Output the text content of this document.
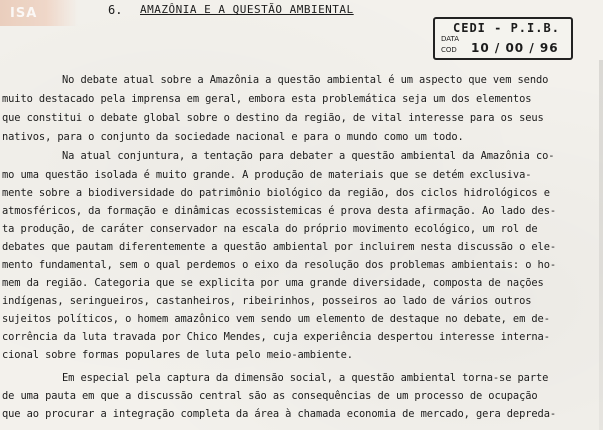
ISA	6. AMAZÔNIA E A QUESTÃO AMBIENTAL
CEDI - P.I.B.
DATA
COD 10 / 00 / 96
No debate atual sobre a Amazônia a questão ambiental é um aspecto que vem sendo
muito destacado pela imprensa em geral, embora esta problemática seja um dos elementos
que constitui o debate global sobre o destino da região, de vital interesse para os seus
nativos, para o conjunto da sociedade nacional e para o mundo como um todo.
Na atual conjuntura, a tentação para debater a questão ambiental da Amazônia co-
mo uma questão isolada é muito grande. A produção de materiais que se detém exclusiva-
mente sobre a biodiversidade do patrimônio biológico da região, dos ciclos hidrológicos e
atmosféricos, da formação e dinâmicas ecossistemicas é prova desta afirmação. Ao lado des-
ta produção, de caráter conservador na escala do próprio movimento ecológico, um rol de
debates que pautam diferentemente a questão ambiental por incluirem nesta discussão o ele-
mento fundamental, sem o qual perdemos o eixo da resolução dos problemas ambientais: o ho-
mem da região. Categoria que se explicita por uma grande diversidade, composta de nações
indígenas, seringueiros, castanheiros, ribeirinhos, posseiros ao lado de vários outros
sujeitos políticos, o homem amazônico vem sendo um elemento de destaque no debate, em de-
corrência da luta travada por Chico Mendes, cuja experiência despertou interesse interna-
cional sobre formas populares de luta pelo meio-ambiente.
Em especial pela captura da dimensão social, a questão ambiental torna-se parte
de uma pauta em que a discussão central são as consequências de um processo de ocupação
que ao procurar a integração completa da área à chamada economia de mercado, gera depreda-
